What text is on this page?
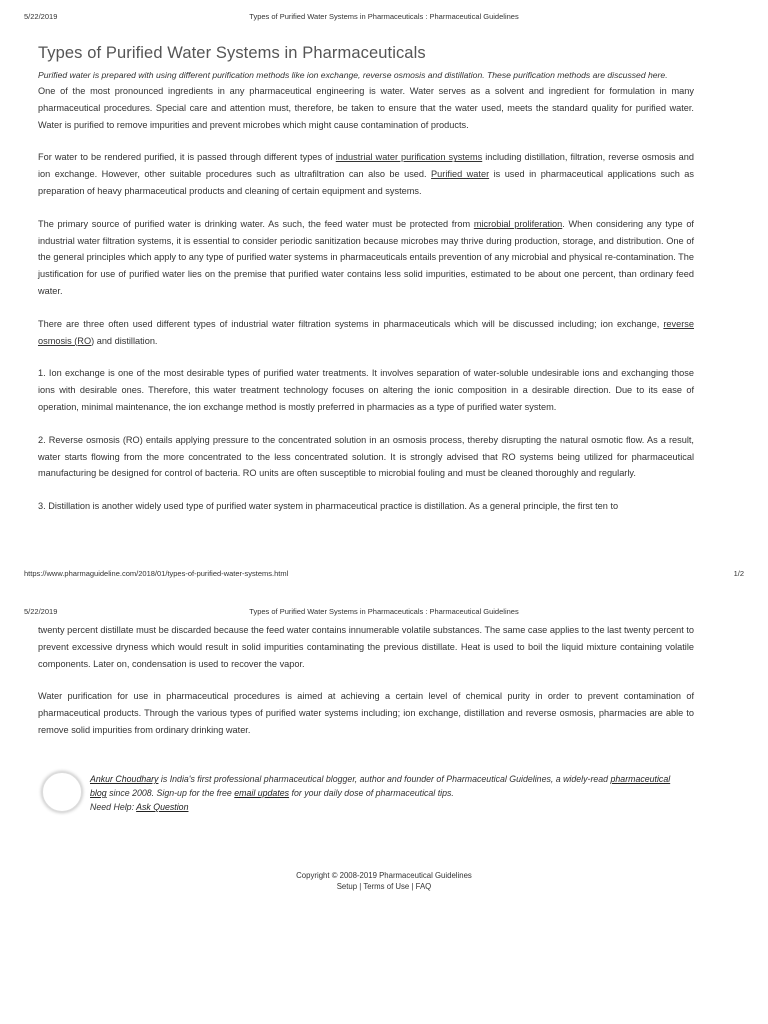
5/22/2019	Types of Purified Water Systems in Pharmaceuticals : Pharmaceutical Guidelines
Types of Purified Water Systems in Pharmaceuticals

Purified water is prepared with using different purification methods like ion exchange, reverse osmosis and distillation. These purification methods are discussed here.

One of the most pronounced ingredients in any pharmaceutical engineering is water. Water serves as a solvent and ingredient for formulation in many pharmaceutical procedures. Special care and attention must, therefore, be taken to ensure that the water used, meets the standard quality for purified water. Water is purified to remove impurities and prevent microbes which might cause contamination of products.

For water to be rendered purified, it is passed through different types of industrial water purification systems including distillation, filtration, reverse osmosis and ion exchange. However, other suitable procedures such as ultrafiltration can also be used. Purified water is used in pharmaceutical applications such as preparation of heavy pharmaceutical products and cleaning of certain equipment and systems.

The primary source of purified water is drinking water. As such, the feed water must be protected from microbial proliferation. When considering any type of industrial water filtration systems, it is essential to consider periodic sanitization because microbes may thrive during production, storage, and distribution. One of the general principles which apply to any type of purified water systems in pharmaceuticals entails prevention of any microbial and physical re-contamination. The justification for use of purified water lies on the premise that purified water contains less solid impurities, estimated to be about one percent, than ordinary feed water.

There are three often used different types of industrial water filtration systems in pharmaceuticals which will be discussed including; ion exchange, reverse osmosis (RO) and distillation.

1. Ion exchange is one of the most desirable types of purified water treatments. It involves separation of water-soluble undesirable ions and exchanging those ions with desirable ones. Therefore, this water treatment technology focuses on altering the ionic composition in a desirable direction. Due to its ease of operation, minimal maintenance, the ion exchange method is mostly preferred in pharmacies as a type of purified water system.

2. Reverse osmosis (RO) entails applying pressure to the concentrated solution in an osmosis process, thereby disrupting the natural osmotic flow. As a result, water starts flowing from the more concentrated to the less concentrated solution. It is strongly advised that RO systems being utilized for pharmaceutical manufacturing be designed for control of bacteria. RO units are often susceptible to microbial fouling and must be cleaned thoroughly and regularly.

3. Distillation is another widely used type of purified water system in pharmaceutical practice is distillation. As a general principle, the first ten to

https://www.pharmaguideline.com/2018/01/types-of-purified-water-systems.html	1/2
5/22/2019	Types of Purified Water Systems in Pharmaceuticals : Pharmaceutical Guidelines

twenty percent distillate must be discarded because the feed water contains innumerable volatile substances. The same case applies to the last twenty percent to prevent excessive dryness which would result in solid impurities contaminating the previous distillate. Heat is used to boil the liquid mixture containing volatile components. Later on, condensation is used to recover the vapor.

Water purification for use in pharmaceutical procedures is aimed at achieving a certain level of chemical purity in order to prevent contamination of pharmaceutical products. Through the various types of purified water systems including; ion exchange, distillation and reverse osmosis, pharmacies are able to remove solid impurities from ordinary drinking water.

Ankur Choudhary is India's first professional pharmaceutical blogger, author and founder of Pharmaceutical Guidelines, a widely-read pharmaceutical blog since 2008. Sign-up for the free email updates for your daily dose of pharmaceutical tips.
Need Help: Ask Question
Copyright © 2008-2019 Pharmaceutical Guidelines
Setup | Terms of Use | FAQ
